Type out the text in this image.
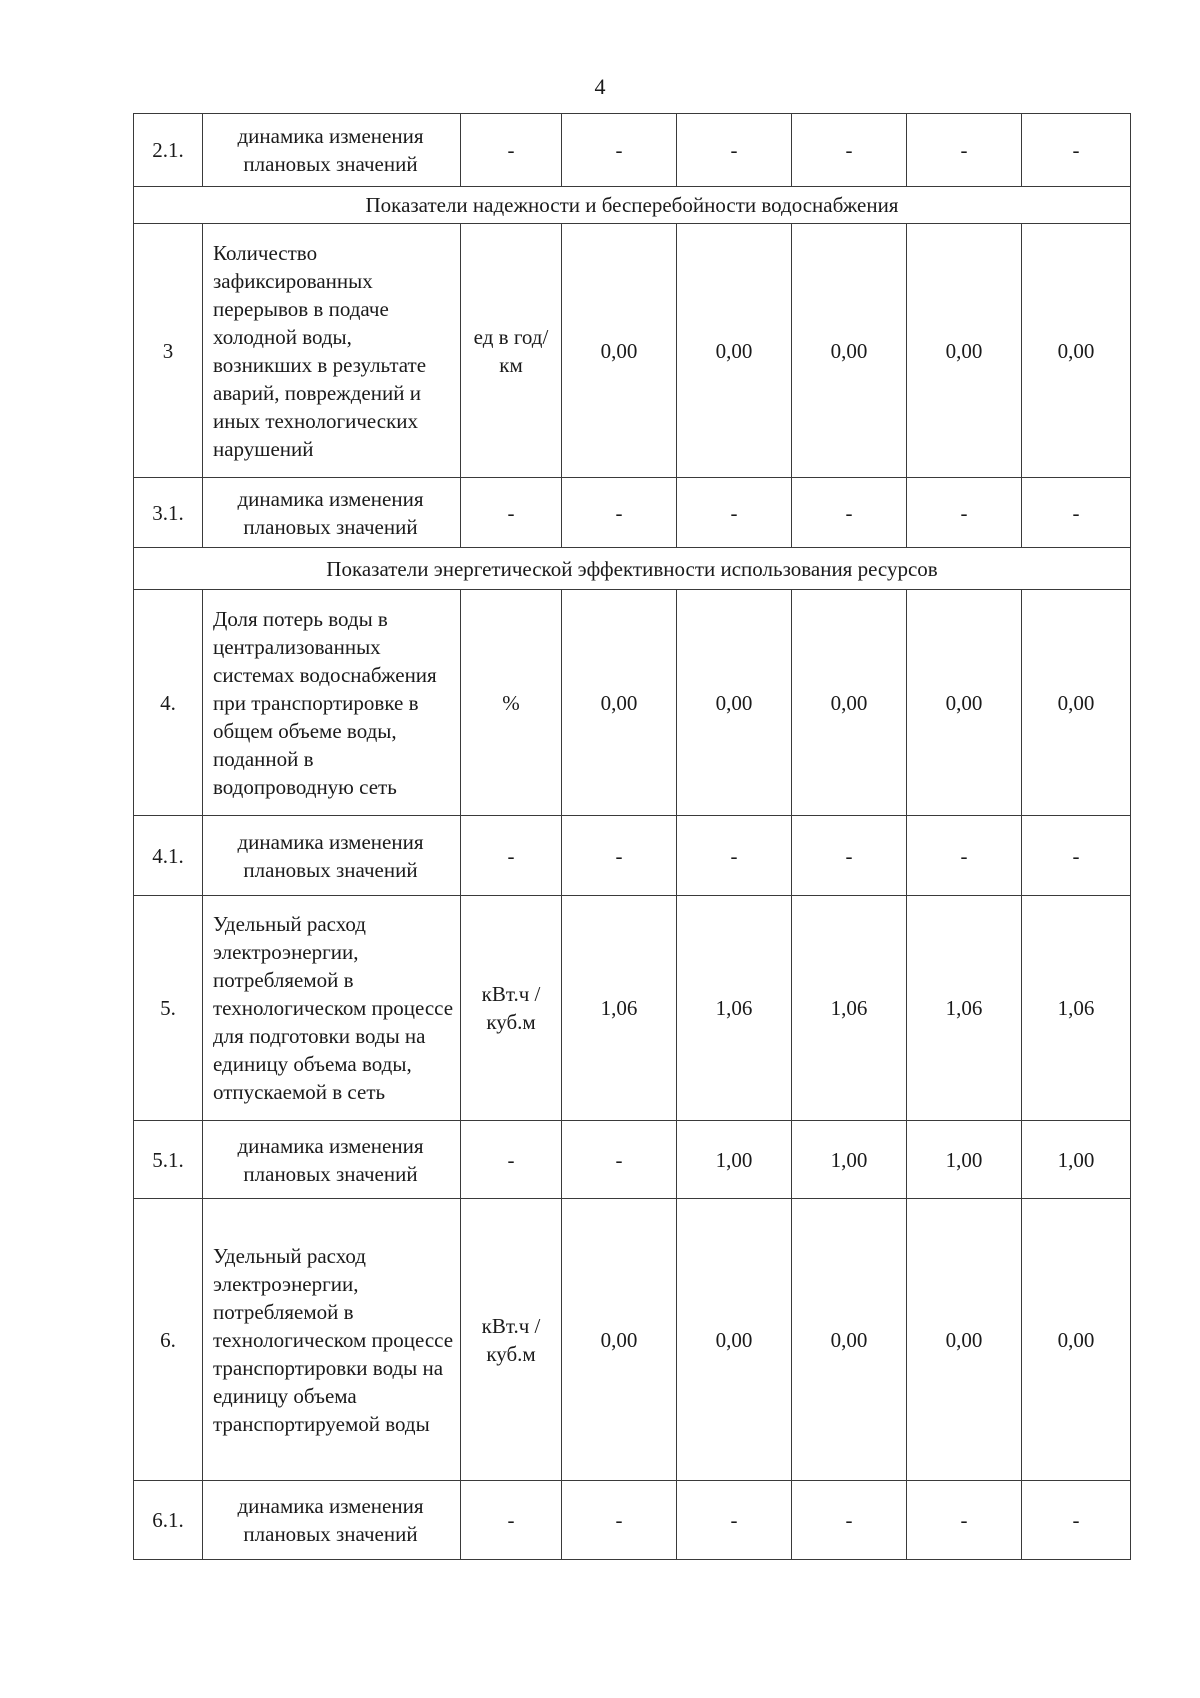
4
2.1.	динамика изменения плановых значений	-	-	-	-	-	-
Показатели надежности и бесперебойности водоснабжения							
3	Количество зафиксированных перерывов в подаче холодной воды, возникших в результате аварий, повреждений и иных технологических нарушений	ед в год/ км	0,00	0,00	0,00	0,00	0,00
3.1.	динамика изменения плановых значений	-	-	-	-	-	-
Показатели энергетической эффективности использования ресурсов							
4.	Доля потерь воды в централизованных системах водоснабжения при транспортировке в общем объеме воды, поданной в водопроводную сеть	%	0,00	0,00	0,00	0,00	0,00
4.1.	динамика изменения плановых значений	-	-	-	-	-	-
5.	Удельный расход электроэнергии, потребляемой в технологическом процессе для подготовки воды на единицу объема воды, отпускаемой в сеть	кВт.ч / куб.м	1,06	1,06	1,06	1,06	1,06
5.1.	динамика изменения плановых значений	-	-	1,00	1,00	1,00	1,00
6.	Удельный расход электроэнергии, потребляемой в технологическом процессе транспортировки воды на единицу объема транспортируемой воды	кВт.ч / куб.м	0,00	0,00	0,00	0,00	0,00
6.1.	динамика изменения плановых значений	-	-	-	-	-	-
